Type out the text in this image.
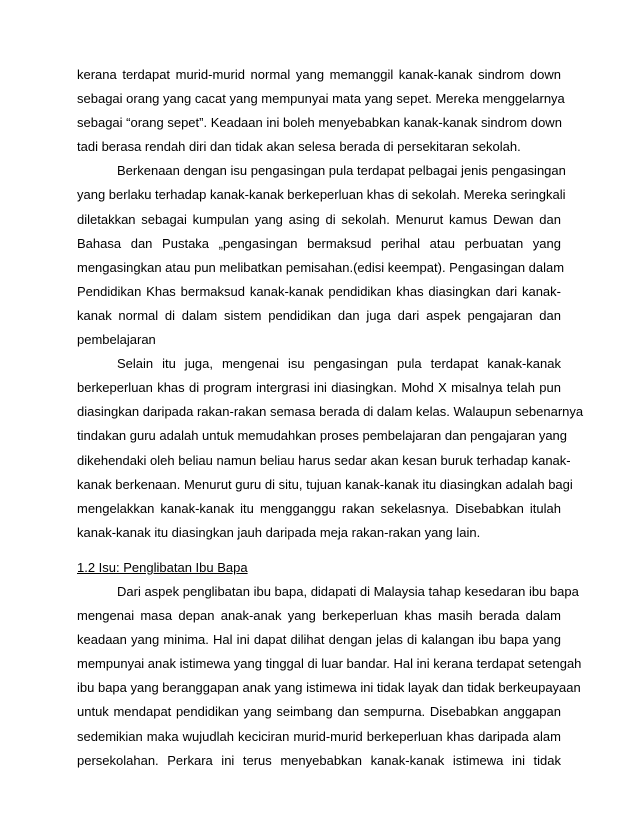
kerana terdapat murid-murid normal yang memanggil kanak-kanak sindrom down
sebagai orang yang cacat yang mempunyai mata yang sepet. Mereka menggelarnya
sebagai “orang sepet”. Keadaan ini boleh menyebabkan kanak-kanak sindrom down
tadi berasa rendah diri dan tidak akan selesa berada di persekitaran sekolah.
Berkenaan dengan isu pengasingan pula terdapat pelbagai jenis pengasingan
yang berlaku terhadap kanak-kanak berkeperluan khas di sekolah. Mereka seringkali
diletakkan sebagai kumpulan yang asing di sekolah. Menurut kamus Dewan dan
Bahasa dan Pustaka „pengasingan bermaksud perihal atau perbuatan yang
mengasingkan atau pun melibatkan pemisahan.(edisi keempat). Pengasingan dalam
Pendidikan Khas bermaksud kanak-kanak pendidikan khas diasingkan dari kanak-
kanak normal di dalam sistem pendidikan dan juga dari aspek pengajaran dan
pembelajaran
Selain itu juga, mengenai isu pengasingan pula terdapat kanak-kanak
berkeperluan khas di program intergrasi ini diasingkan. Mohd X misalnya telah pun
diasingkan daripada rakan-rakan semasa berada di dalam kelas. Walaupun sebenarnya
tindakan guru adalah untuk memudahkan proses pembelajaran dan pengajaran yang
dikehendaki oleh beliau namun beliau harus sedar akan kesan buruk terhadap kanak-
kanak berkenaan. Menurut guru di situ, tujuan kanak-kanak itu diasingkan adalah bagi
mengelakkan kanak-kanak itu mengganggu rakan sekelasnya. Disebabkan itulah
kanak-kanak itu diasingkan jauh daripada meja rakan-rakan yang lain.
1.2 Isu: Penglibatan Ibu Bapa
Dari aspek penglibatan ibu bapa, didapati di Malaysia tahap kesedaran ibu bapa
mengenai masa depan anak-anak yang berkeperluan khas masih berada dalam
keadaan yang minima. Hal ini dapat dilihat dengan jelas di kalangan ibu bapa yang
mempunyai anak istimewa yang tinggal di luar bandar. Hal ini kerana terdapat setengah
ibu bapa yang beranggapan anak yang istimewa ini tidak layak dan tidak berkeupayaan
untuk mendapat pendidikan yang seimbang dan sempurna. Disebabkan anggapan
sedemikian maka wujudlah keciciran murid-murid berkeperluan khas daripada alam
persekolahan. Perkara ini terus menyebabkan kanak-kanak istimewa ini tidak
